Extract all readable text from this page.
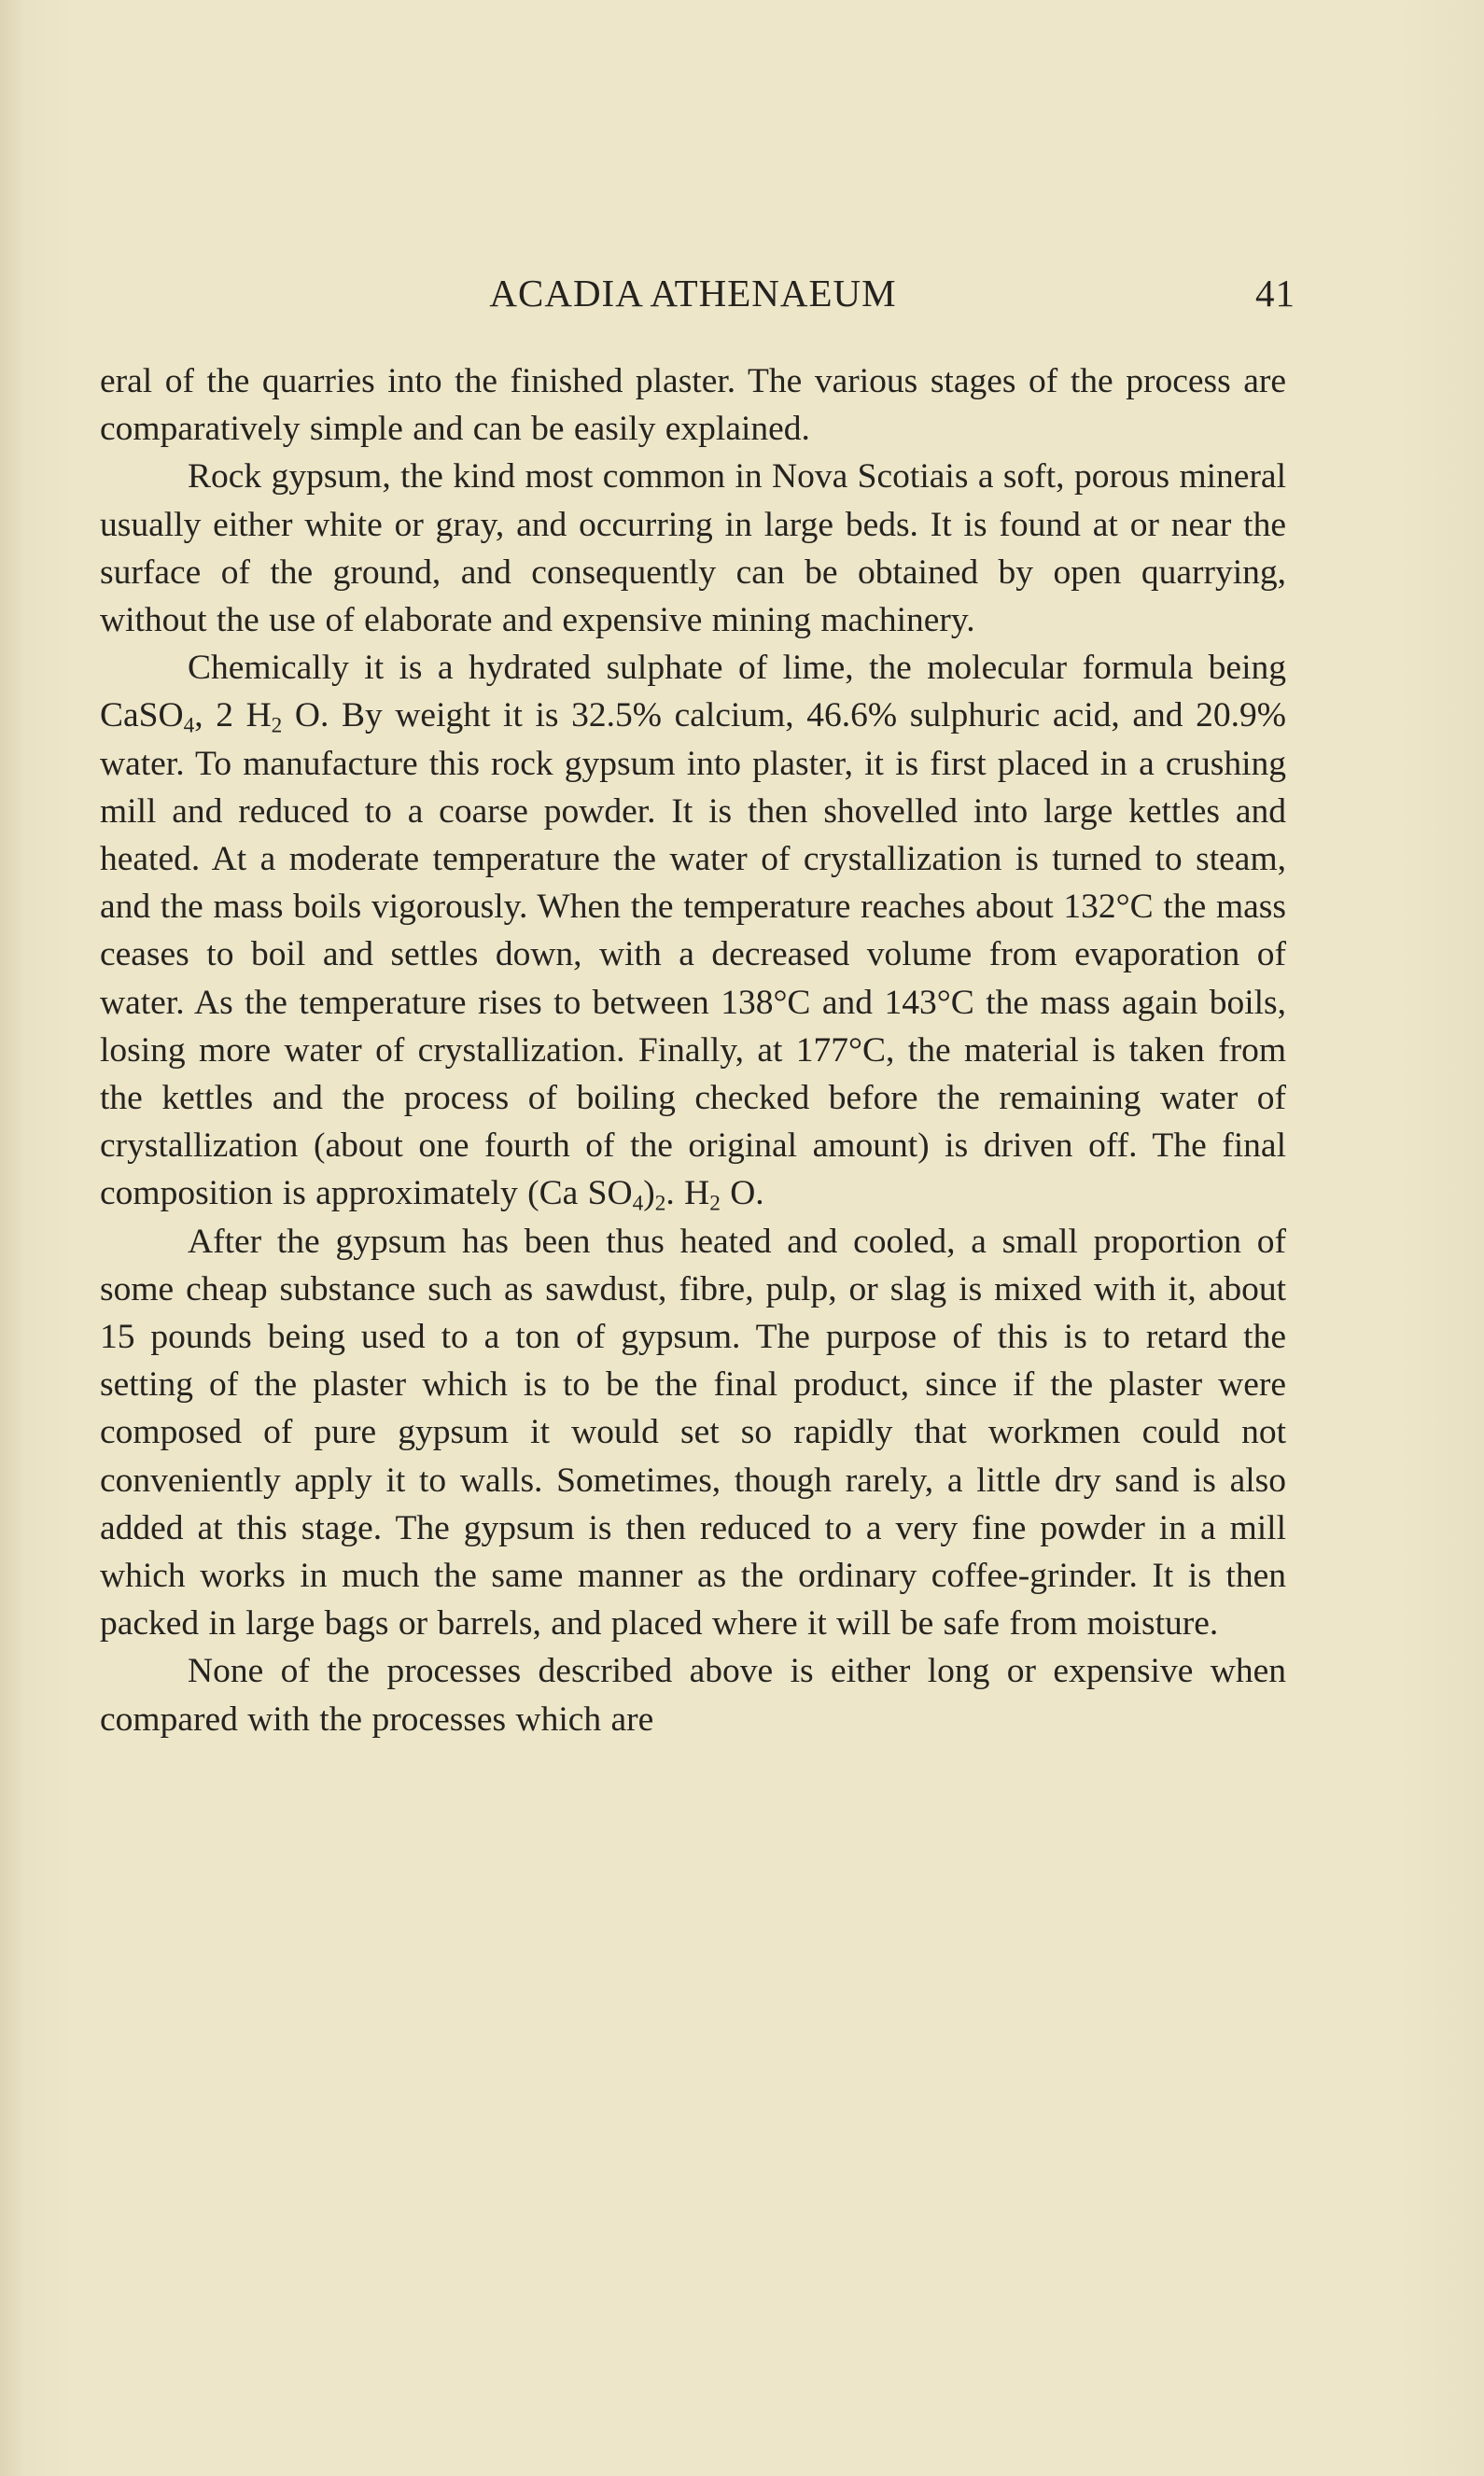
ACADIA ATHENAEUM	41

eral of the quarries into the finished plaster. The various stages of the process are comparatively simple and can be easily explained.

Rock gypsum, the kind most common in Nova Scotiais a soft, porous mineral usually either white or gray, and occurring in large beds. It is found at or near the surface of the ground, and consequently can be obtained by open quarrying, without the use of elaborate and expensive mining machinery.

Chemically it is a hydrated sulphate of lime, the molecular formula being CaSO$_4$, 2 $H_2$ O. By weight it is 32.5% calcium, 46.6% sulphuric acid, and 20.9% water. To manufacture this rock gypsum into plaster, it is first placed in a crushing mill and reduced to a coarse powder. It is then shovelled into large kettles and heated. At a moderate temperature the water of crystallization is turned to steam, and the mass boils vigorously. When the temperature reaches about 132°C the mass ceases to boil and settles down, with a decreased volume from evaporation of water. As the temperature rises to between 138°C and 143°C the mass again boils, losing more water of crystallization. Finally, at 177°C, the material is taken from the kettles and the process of boiling checked before the remaining water of crystallization (about one fourth of the original amount) is driven off. The final composition is approximately (Ca $SO_4)_2$. $H_2$ O.

After the gypsum has been thus heated and cooled, a small proportion of some cheap substance such as sawdust, fibre, pulp, or slag is mixed with it, about 15 pounds being used to a ton of gypsum. The purpose of this is to retard the setting of the plaster which is to be the final product, since if the plaster were composed of pure gypsum it would set so rapidly that workmen could not conveniently apply it to walls. Sometimes, though rarely, a little dry sand is also added at this stage. The gypsum is then reduced to a very fine powder in a mill which works in much the same manner as the ordinary coffee-grinder. It is then packed in large bags or barrels, and placed where it will be safe from moisture.

None of the processes described above is either long or expensive when compared with the processes which are
